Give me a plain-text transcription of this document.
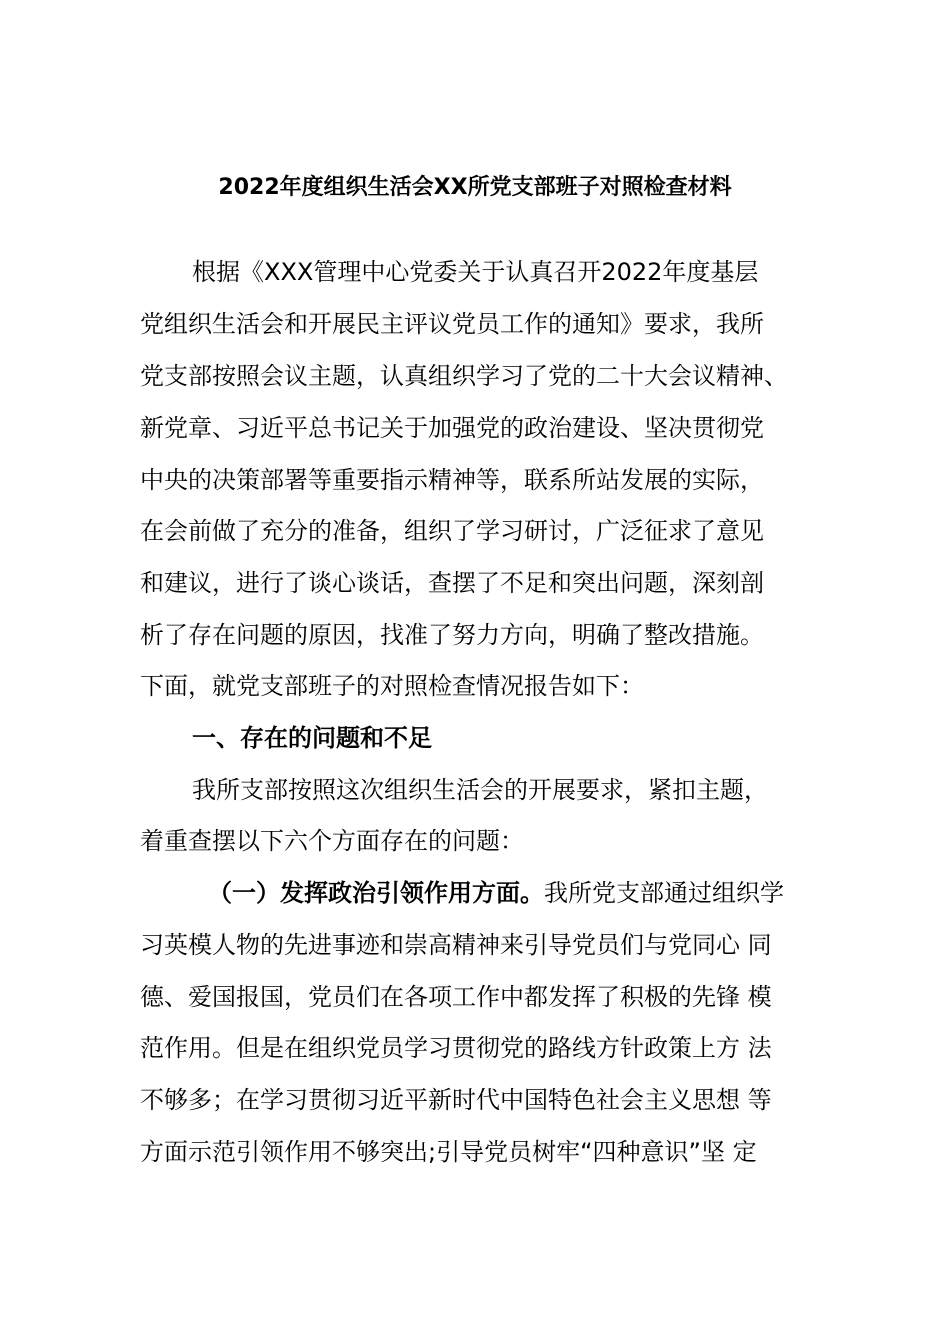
2022年度组织生活会XX所党支部班子对照检查材料

根据《XXX管理中心党委关于认真召开2022年度基层

党组织生活会和开展民主评议党员工作的通知》要求，我所

党支部按照会议主题，认真组织学习了党的二十大会议精神、

新党章、习近平总书记关于加强党的政治建设、坚决贯彻党

中央的决策部署等重要指示精神等，联系所站发展的实际，

在会前做了充分的准备，组织了学习研讨，广泛征求了意见

和建议，进行了谈心谈话，查摆了不足和突出问题，深刻剖

析了存在问题的原因，找准了努力方向，明确了整改措施。

下面，就党支部班子的对照检查情况报告如下：

一、存在的问题和不足

我所支部按照这次组织生活会的开展要求，紧扣主题，

着重查摆以下六个方面存在的问题：

（一）发挥政治引领作用方面。我所党支部通过组织学

习英模人物的先进事迹和崇高精神来引导党员们与党同心 同

德、爱国报国，党员们在各项工作中都发挥了积极的先锋 模

范作用。但是在组织党员学习贯彻党的路线方针政策上方 法

不够多；在学习贯彻习近平新时代中国特色社会主义思想 等

方面示范引领作用不够突出;引导党员树牢“四种意识”坚 定
